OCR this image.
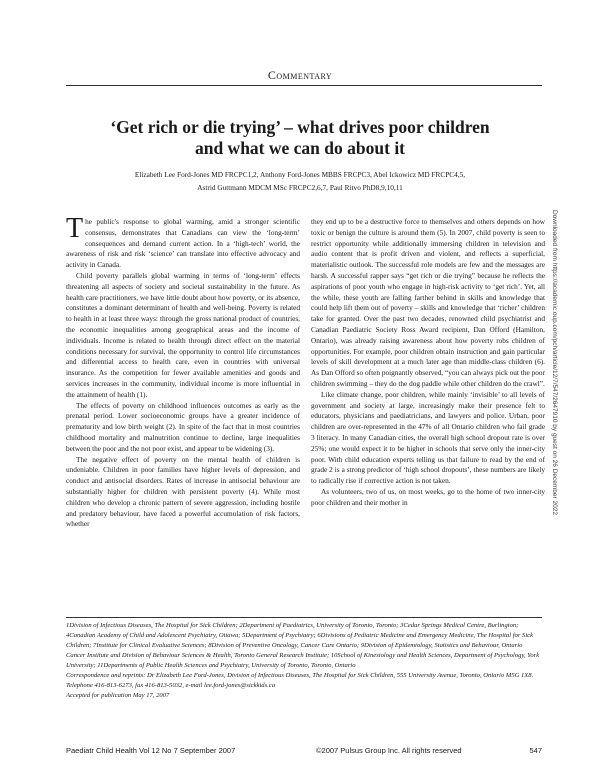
Commentary
‘Get rich or die trying’ – what drives poor children
and what we can do about it
Elizabeth Lee Ford-Jones MD FRCPC1,2, Anthony Ford-Jones MBBS FRCPC3, Abel Ickowicz MD FRCPC4,5,
Astrid Guttmann MDCM MSc FRCPC2,6,7, Paul Ritvo PhD8,9,10,11

The public's response to global warming, amid a stronger scientific consensus, demonstrates that Canadians can view the ‘long-term’ consequences and demand current action. In a ‘high-tech’ world, the awareness of risk and risk ‘science’ can translate into effective advocacy and activity in Canada.

Child poverty parallels global warming in terms of ‘long-term’ effects threatening all aspects of society and societal sustainability in the future. As health care practitioners, we have little doubt about how poverty, or its absence, constitutes a dominant determinant of health and well-being. Poverty is related to health in at least three ways: through the gross national product of countries, the economic inequalities among geographical areas and the income of individuals. Income is related to health through direct effect on the material conditions necessary for survival, the opportunity to control life circumstances and differential access to health care, even in countries with universal insurance. As the competition for fewer available amenities and goods and services increases in the community, individual income is more influential in the attainment of health (1).

The effects of poverty on childhood influences outcomes as early as the prenatal period. Lower socioeconomic groups have a greater incidence of prematurity and low birth weight (2). In spite of the fact that in most countries childhood mortality and malnutrition continue to decline, large inequalities between the poor and the not poor exist, and appear to be widening (3).

The negative effect of poverty on the mental health of children is undeniable. Children in poor families have higher levels of depression, and conduct and antisocial disorders. Rates of increase in antisocial behaviour are substantially higher for children with persistent poverty (4). While most children who develop a chronic pattern of severe aggression, including hostile and predatory behaviour, have faced a powerful accumulation of risk factors, whether

they end up to be a destructive force to themselves and others depends on how toxic or benign the culture is around them (5). In 2007, child poverty is seen to restrict opportunity while additionally immersing children in television and audio content that is profit driven and violent, and reflects a superficial, materialistic outlook. The successful role models are few and the messages are harsh. A successful rapper says “get rich or die trying” because he reflects the aspirations of poor youth who engage in high-risk activity to ‘get rich’. Yet, all the while, these youth are falling farther behind in skills and knowledge that could help lift them out of poverty – skills and knowledge that ‘richer’ children take for granted. Over the past two decades, renowned child psychiatrist and Canadian Paediatric Society Ross Award recipient, Dan Offord (Hamilton, Ontario), was already raising awareness about how poverty robs children of opportunities. For example, poor children obtain instruction and gain particular levels of skill development at a much later age than middle-class children (6). As Dan Offord so often poignantly observed, “you can always pick out the poor children swimming – they do the dog paddle while other children do the crawl”.

Like climate change, poor children, while mainly ‘invisible’ to all levels of government and society at large, increasingly make their presence felt to educators, physicians and paediatricians, and lawyers and police. Urban, poor children are over-represented in the 47% of all Ontario children who fail grade 3 literacy. In many Canadian cities, the overall high school dropout rate is over 25%; one would expect it to be higher in schools that serve only the inner-city poor. With child education experts telling us that failure to read by the end of grade 2 is a strong predictor of ‘high school dropouts’, these numbers are likely to radically rise if corrective action is not taken.

As volunteers, two of us, on most weeks, go to the home of two inner-city poor children and their mother in	Downloaded from https://academic.oup.com/pch/article/12/7/547/2647910 by guest on 26 December 2022

1Division of Infectious Diseases, The Hospital for Sick Children; 2Department of Paediatrics, University of Toronto, Toronto; 3Cedar Springs Medical Centre, Burlington; 4Canadian Academy of Child and Adolescent Psychiatry, Ottawa; 5Department of Psychiatry; 6Divisions of Pediatric Medicine and Emergency Medicine, The Hospital for Sick Children; 7Institute for Clinical Evaluative Sciences; 8Division of Preventive Oncology, Cancer Care Ontario; 9Division of Epidemiology, Statistics and Behaviour, Ontario Cancer Institute and Division of Behaviour Sciences & Health, Toronto General Research Institute; 10School of Kinesiology and Health Sciences, Department of Psychology, York University; 11Departments of Public Health Sciences and Psychiatry, University of Toronto, Toronto, Ontario

Correspondence and reprints: Dr Elizabeth Lee Ford-Jones, Division of Infectious Diseases, The Hospital for Sick Children, 555 University Avenue, Toronto, Ontario M5G 1X8. Telephone 416-813-6273, fax 416-813-5032, e-mail lee.ford-jones@sickkids.ca

Accepted for publication May 17, 2007

Paediatr Child Health Vol 12 No 7 September 2007	©2007 Pulsus Group Inc. All rights reserved	547
